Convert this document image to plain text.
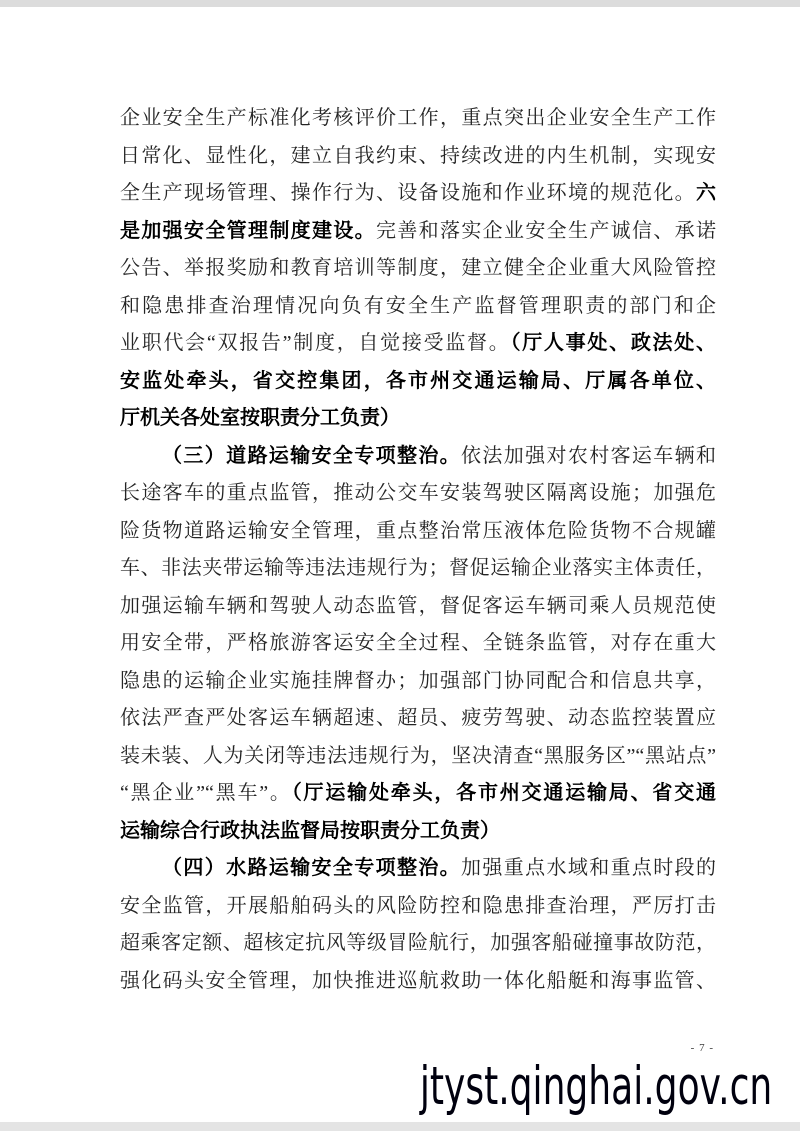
企业安全生产标准化考核评价工作，重点突出企业安全生产工作
日常化、显性化，建立自我约束、持续改进的内生机制，实现安
全生产现场管理、操作行为、设备设施和作业环境的规范化。六
是加强安全管理制度建设。完善和落实企业安全生产诚信、承诺
公告、举报奖励和教育培训等制度，建立健全企业重大风险管控
和隐患排查治理情况向负有安全生产监督管理职责的部门和企
业职代会“双报告”制度，自觉接受监督。（厅人事处、政法处、
安监处牵头，省交控集团，各市州交通运输局、厅属各单位、
厅机关各处室按职责分工负责）
（三）道路运输安全专项整治。依法加强对农村客运车辆和
长途客车的重点监管，推动公交车安装驾驶区隔离设施；加强危
险货物道路运输安全管理，重点整治常压液体危险货物不合规罐
车、非法夹带运输等违法违规行为；督促运输企业落实主体责任，
加强运输车辆和驾驶人动态监管，督促客运车辆司乘人员规范使
用安全带，严格旅游客运安全全过程、全链条监管，对存在重大
隐患的运输企业实施挂牌督办；加强部门协同配合和信息共享，
依法严查严处客运车辆超速、超员、疲劳驾驶、动态监控装置应
装未装、人为关闭等违法违规行为，坚决清查“黑服务区”“黑站点”
“黑企业”“黑车”。（厅运输处牵头，各市州交通运输局、省交通
运输综合行政执法监督局按职责分工负责）
（四）水路运输安全专项整治。加强重点水域和重点时段的
安全监管，开展船舶码头的风险防控和隐患排查治理，严厉打击
超乘客定额、超核定抗风等级冒险航行，加强客船碰撞事故防范，
强化码头安全管理，加快推进巡航救助一体化船艇和海事监管、
- 7 -
jtyst.qinghai.gov.cn
